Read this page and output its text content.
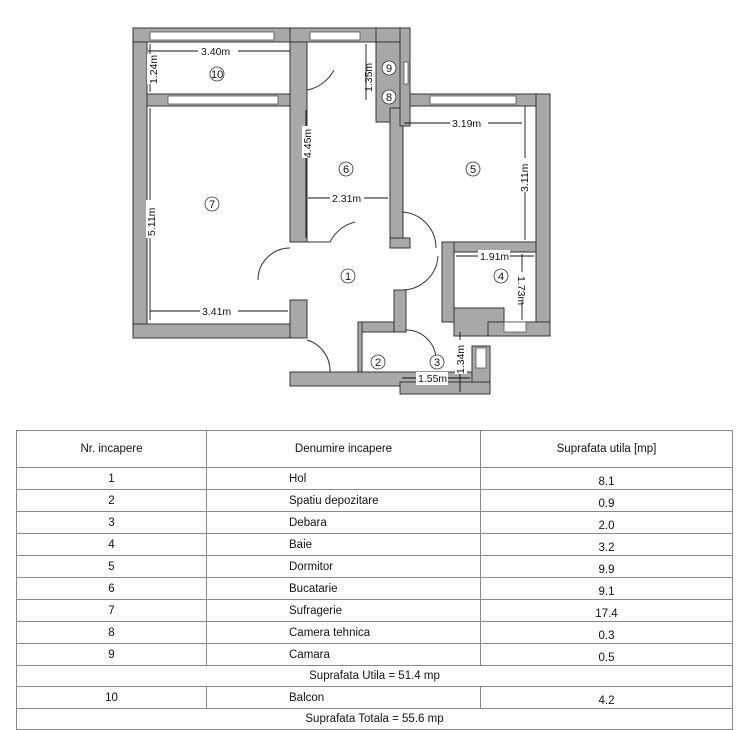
3.40m
1.24m	1.35m
4.45m
3.19m
3.11m
5.11m
2.31m
1.91m
1.73m
3.41m
1.34m
1.55m
1
2	3
4
5
6
7
8
9
10
Nr. incapere	Denumire incapere	Suprafata utila [mp]
1	Hol	8.1
2	Spatiu depozitare	0.9
3	Debara	2.0
4	Baie	3.2
5	Dormitor	9.9
6	Bucatarie	9.1
7	Sufragerie	17.4
8	Camera tehnica	0.3
9	Camara	0.5
Suprafata Utila = 51.4 mp		
10	Balcon	4.2
Suprafata Totala = 55.6 mp		
